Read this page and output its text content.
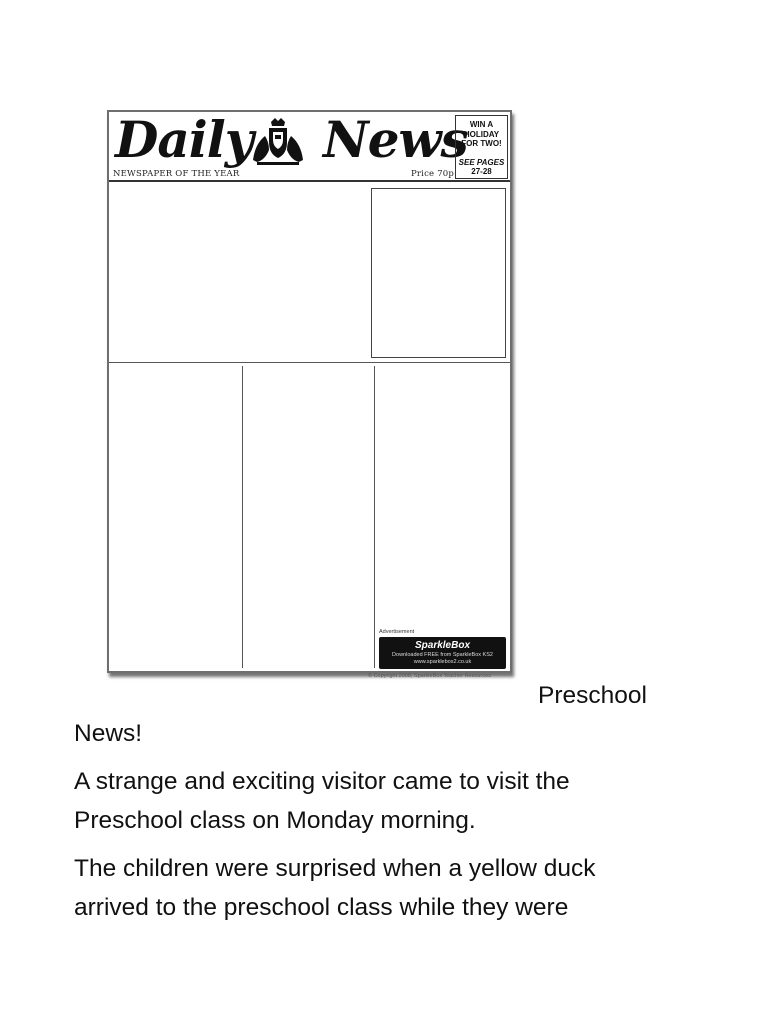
Daily News
NEWSPAPER OF THE YEAR	Price 70p
WIN A
HOLIDAY
FOR TWO!
SEE PAGES
27-28
Advertisement
SparkleBox
Downloaded FREE from SparkleBox KS2
www.sparklebox2.co.uk
© Copyright 2008, SparkleBox Teacher Resources
Preschool
News!
A strange and exciting visitor came to visit the
Preschool class on Monday morning.
The children were surprised when a yellow duck
arrived to the preschool class while they were
